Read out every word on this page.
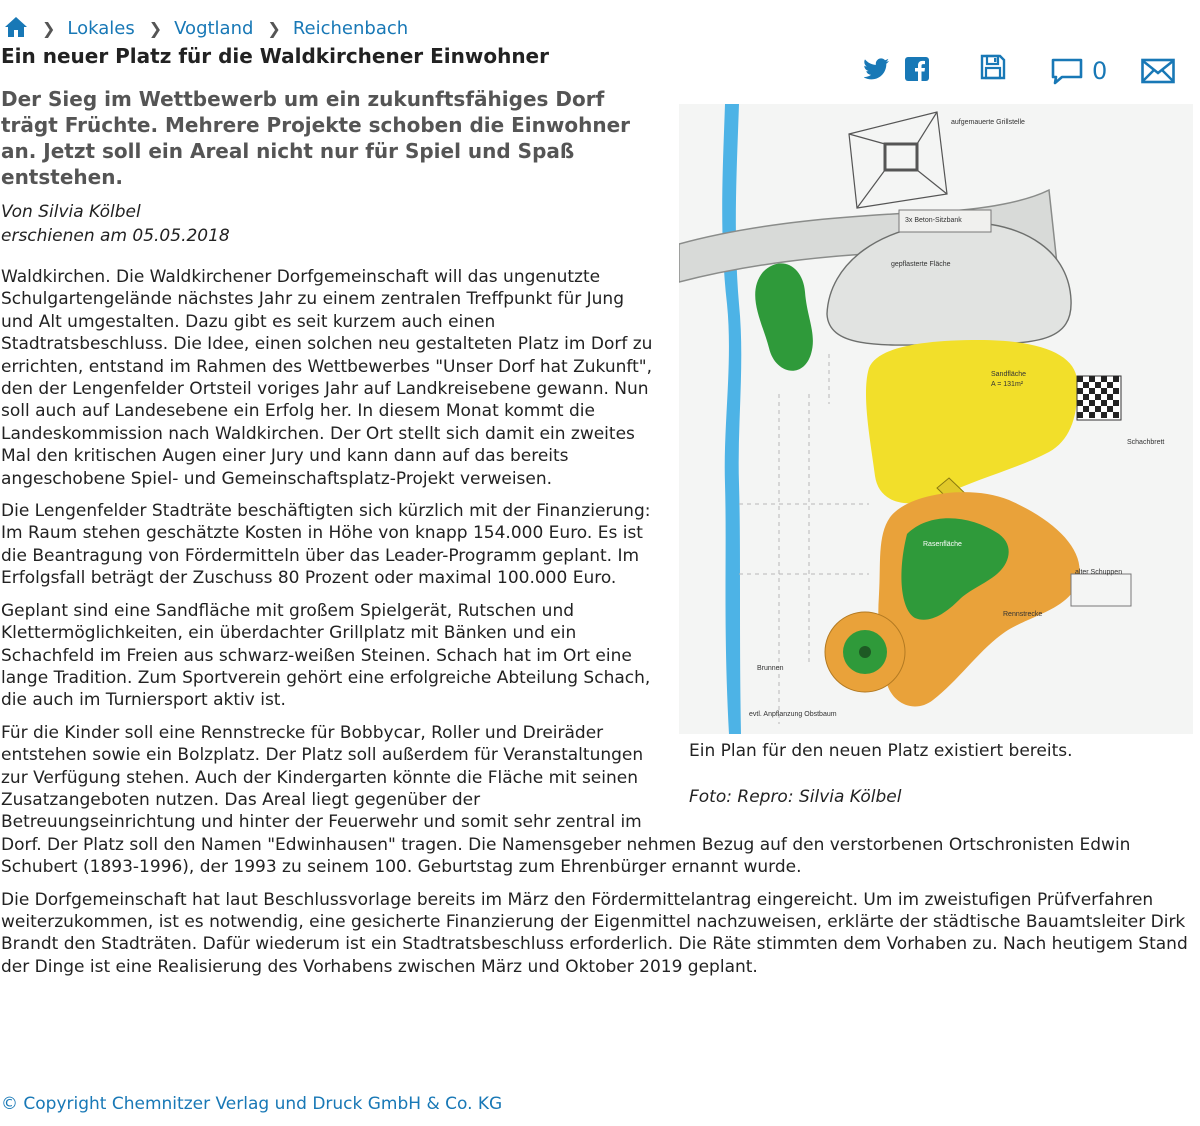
❯ Lokales ❯ Vogtland ❯ Reichenbach
Ein neuer Platz für die Waldkirchener Einwohner
0

Der Sieg im Wettbewerb um ein zukunftsfähiges Dorf trägt Früchte. Mehrere Projekte schoben die Einwohner an. Jetzt soll ein Areal nicht nur für Spiel und Spaß entstehen.

Von Silvia Kölbel
erschienen am 05.05.2018
aufgemauerte Grillstelle
3x Beton-Sitzbank
gepflasterte Fläche
Sandfläche
A = 131m²
Schachbrett
Rasenfläche
alter Schuppen
Rennstrecke
Brunnen
evtl. Anpflanzung Obstbaum
Ein Plan für den neuen Platz existiert bereits.
Foto: Repro: Silvia Kölbel

Waldkirchen. Die Waldkirchener Dorfgemeinschaft will das ungenutzte Schulgartengelände nächstes Jahr zu einem zentralen Treffpunkt für Jung und Alt umgestalten. Dazu gibt es seit kurzem auch einen Stadtratsbeschluss. Die Idee, einen solchen neu gestalteten Platz im Dorf zu errichten, entstand im Rahmen des Wettbewerbes "Unser Dorf hat Zukunft", den der Lengenfelder Ortsteil voriges Jahr auf Landkreisebene gewann. Nun soll auch auf Landesebene ein Erfolg her. In diesem Monat kommt die Landeskommission nach Waldkirchen. Der Ort stellt sich damit ein zweites Mal den kritischen Augen einer Jury und kann dann auf das bereits angeschobene Spiel- und Gemeinschaftsplatz-Projekt verweisen.

Die Lengenfelder Stadträte beschäftigten sich kürzlich mit der Finanzierung: Im Raum stehen geschätzte Kosten in Höhe von knapp 154.000 Euro. Es ist die Beantragung von Fördermitteln über das Leader-Programm geplant. Im Erfolgsfall beträgt der Zuschuss 80 Prozent oder maximal 100.000 Euro.

Geplant sind eine Sandfläche mit großem Spielgerät, Rutschen und Klettermöglichkeiten, ein überdachter Grillplatz mit Bänken und ein Schachfeld im Freien aus schwarz-weißen Steinen. Schach hat im Ort eine lange Tradition. Zum Sportverein gehört eine erfolgreiche Abteilung Schach, die auch im Turniersport aktiv ist.

Für die Kinder soll eine Rennstrecke für Bobbycar, Roller und Dreiräder entstehen sowie ein Bolzplatz. Der Platz soll außerdem für Veranstaltungen zur Verfügung stehen. Auch der Kindergarten könnte die Fläche mit seinen Zusatzangeboten nutzen. Das Areal liegt gegenüber der Betreuungseinrichtung und hinter der Feuerwehr und somit sehr zentral im Dorf. Der Platz soll den Namen "Edwinhausen" tragen. Die Namensgeber nehmen Bezug auf den verstorbenen Ortschronisten Edwin Schubert (1893-1996), der 1993 zu seinem 100. Geburtstag zum Ehrenbürger ernannt wurde.

Die Dorfgemeinschaft hat laut Beschlussvorlage bereits im März den Fördermittelantrag eingereicht. Um im zweistufigen Prüfverfahren weiterzukommen, ist es notwendig, eine gesicherte Finanzierung der Eigenmittel nachzuweisen, erklärte der städtische Bauamtsleiter Dirk Brandt den Stadträten. Dafür wiederum ist ein Stadtratsbeschluss erforderlich. Die Räte stimmten dem Vorhaben zu. Nach heutigem Stand der Dinge ist eine Realisierung des Vorhabens zwischen März und Oktober 2019 geplant.

© Copyright Chemnitzer Verlag und Druck GmbH & Co. KG
